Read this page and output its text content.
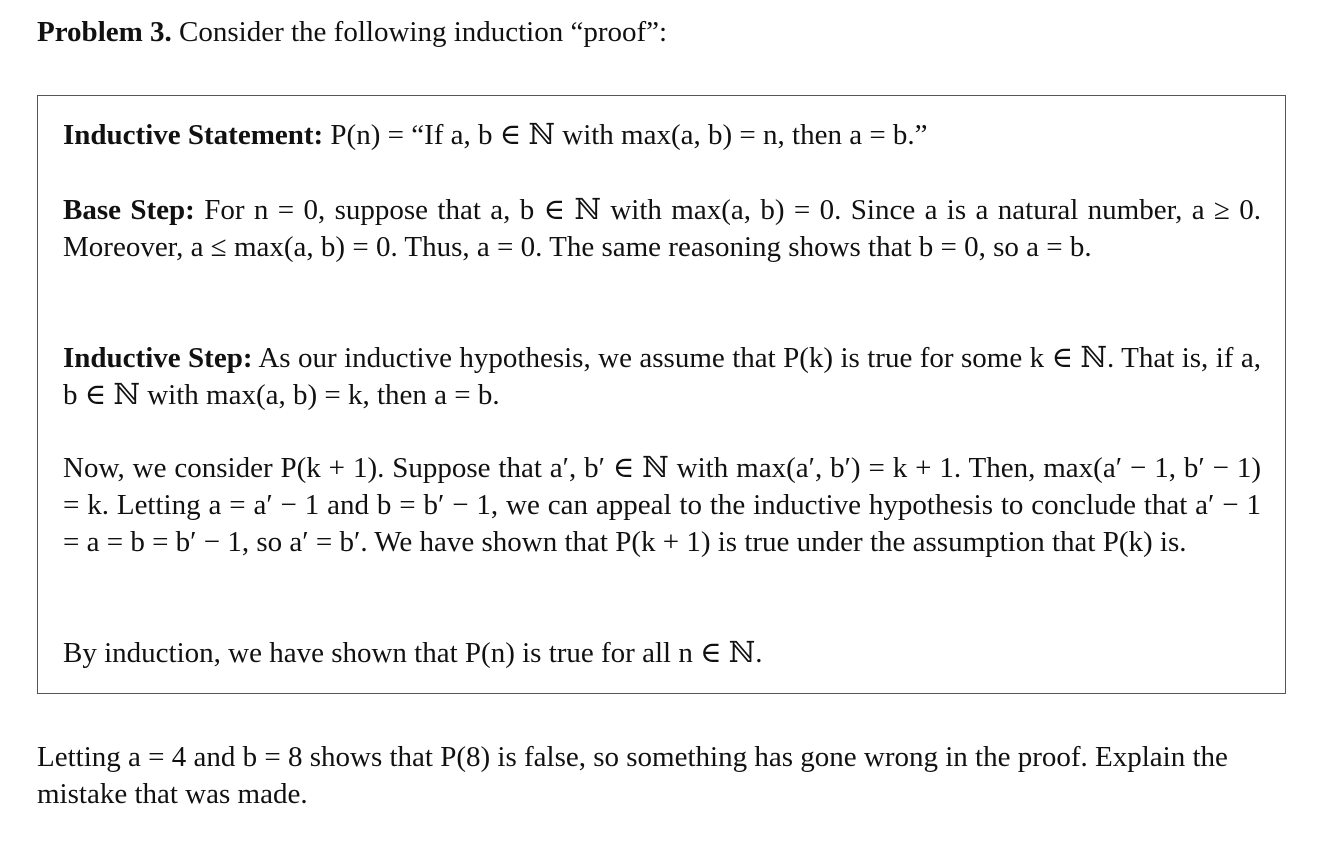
Problem 3. Consider the following induction “proof”:
Inductive Statement: P(n) = “If a, b ∈ ℕ with max(a, b) = n, then a = b.”
Base Step: For n = 0, suppose that a, b ∈ ℕ with max(a, b) = 0. Since a is a natural number, a ≥ 0. Moreover, a ≤ max(a, b) = 0. Thus, a = 0. The same reasoning shows that b = 0, so a = b.
Inductive Step: As our inductive hypothesis, we assume that P(k) is true for some k ∈ ℕ. That is, if a, b ∈ ℕ with max(a, b) = k, then a = b.
Now, we consider P(k + 1). Suppose that a′, b′ ∈ ℕ with max(a′, b′) = k + 1. Then, max(a′ − 1, b′ − 1) = k. Letting a = a′ − 1 and b = b′ − 1, we can appeal to the inductive hypothesis to conclude that a′ − 1 = a = b = b′ − 1, so a′ = b′. We have shown that P(k + 1) is true under the assumption that P(k) is.
By induction, we have shown that P(n) is true for all n ∈ ℕ.
Letting a = 4 and b = 8 shows that P(8) is false, so something has gone wrong in the proof. Explain the mistake that was made.
